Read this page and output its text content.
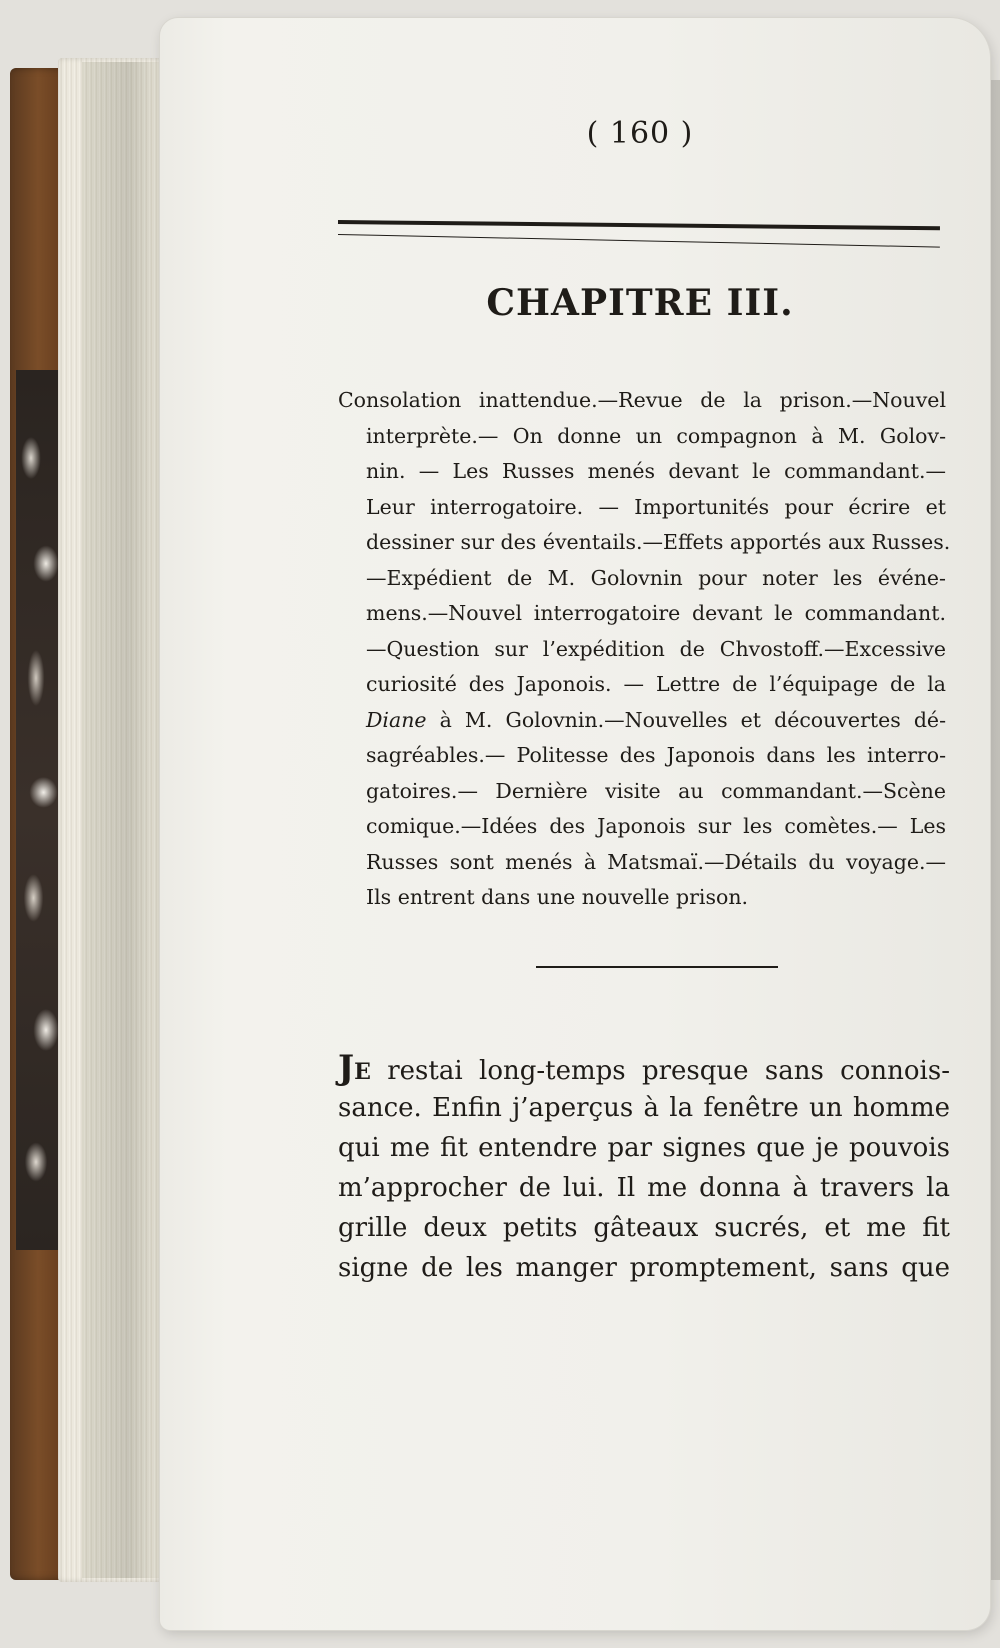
( 160 )
CHAPITRE III.
Consolation inattendue.—Revue de la prison.—Nouvel
interprète.— On donne un compagnon à M. Golov-
nin. — Les Russes menés devant le commandant.—
Leur interrogatoire. — Importunités pour écrire et
dessiner sur des éventails.—Effets apportés aux Russes.
—Expédient de M. Golovnin pour noter les événe-
mens.—Nouvel interrogatoire devant le commandant.
—Question sur l’expédition de Chvostoff.—Excessive
curiosité des Japonois. — Lettre de l’équipage de la
Diane à M. Golovnin.—Nouvelles et découvertes dé-
sagréables.— Politesse des Japonois dans les interro-
gatoires.— Dernière visite au commandant.—Scène
comique.—Idées des Japonois sur les comètes.— Les
Russes sont menés à Matsmaï.—Détails du voyage.—
Ils entrent dans une nouvelle prison.
JE restai long-temps presque sans connois-
sance. Enfin j’aperçus à la fenêtre un homme
qui me fit entendre par signes que je pouvois
m’approcher de lui. Il me donna à travers la
grille deux petits gâteaux sucrés, et me fit
signe de les manger promptement, sans que
